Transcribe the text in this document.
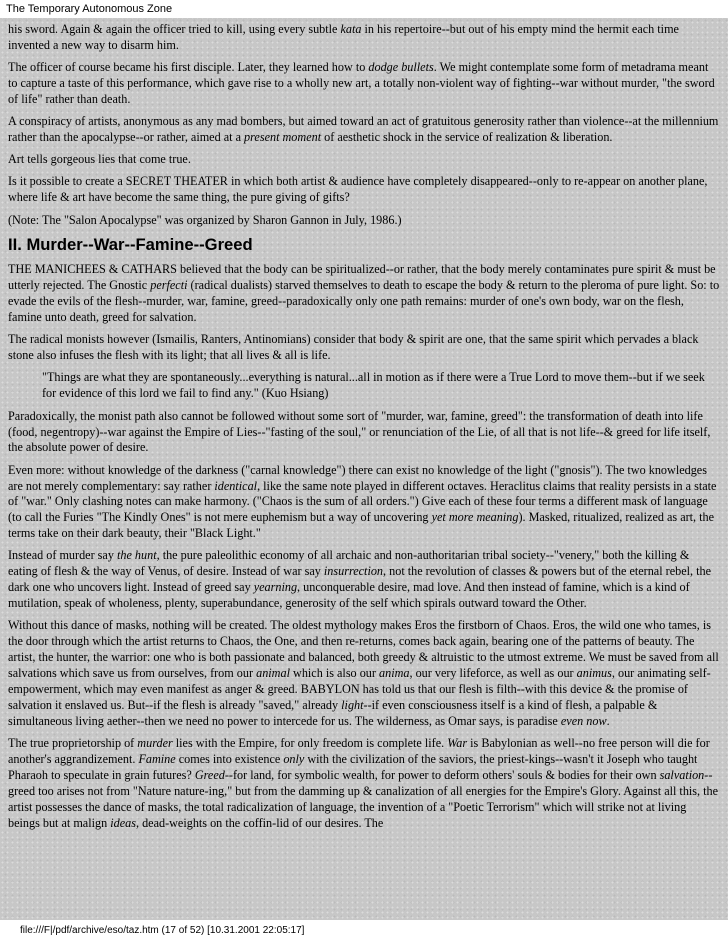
The Temporary Autonomous Zone

his sword. Again & again the officer tried to kill, using every subtle kata in his repertoire--but out of his empty mind the hermit each time invented a new way to disarm him.

The officer of course became his first disciple. Later, they learned how to dodge bullets. We might contemplate some form of metadrama meant to capture a taste of this performance, which gave rise to a wholly new art, a totally non-violent way of fighting--war without murder, "the sword of life" rather than death.

A conspiracy of artists, anonymous as any mad bombers, but aimed toward an act of gratuitous generosity rather than violence--at the millennium rather than the apocalypse--or rather, aimed at a present moment of aesthetic shock in the service of realization & liberation.

Art tells gorgeous lies that come true.

Is it possible to create a SECRET THEATER in which both artist & audience have completely disappeared--only to re-appear on another plane, where life & art have become the same thing, the pure giving of gifts?

(Note: The "Salon Apocalypse" was organized by Sharon Gannon in July, 1986.)

II. Murder--War--Famine--Greed

THE MANICHEES & CATHARS believed that the body can be spiritualized--or rather, that the body merely contaminates pure spirit & must be utterly rejected. The Gnostic perfecti (radical dualists) starved themselves to death to escape the body & return to the pleroma of pure light. So: to evade the evils of the flesh--murder, war, famine, greed--paradoxically only one path remains: murder of one's own body, war on the flesh, famine unto death, greed for salvation.

The radical monists however (Ismailis, Ranters, Antinomians) consider that body & spirit are one, that the same spirit which pervades a black stone also infuses the flesh with its light; that all lives & all is life.

"Things are what they are spontaneously...everything is natural...all in motion as if there were a True Lord to move them--but if we seek for evidence of this lord we fail to find any." (Kuo Hsiang)

Paradoxically, the monist path also cannot be followed without some sort of "murder, war, famine, greed": the transformation of death into life (food, negentropy)--war against the Empire of Lies--"fasting of the soul," or renunciation of the Lie, of all that is not life--& greed for life itself, the absolute power of desire.

Even more: without knowledge of the darkness ("carnal knowledge") there can exist no knowledge of the light ("gnosis"). The two knowledges are not merely complementary: say rather identical, like the same note played in different octaves. Heraclitus claims that reality persists in a state of "war." Only clashing notes can make harmony. ("Chaos is the sum of all orders.") Give each of these four terms a different mask of language (to call the Furies "The Kindly Ones" is not mere euphemism but a way of uncovering yet more meaning). Masked, ritualized, realized as art, the terms take on their dark beauty, their "Black Light."

Instead of murder say the hunt, the pure paleolithic economy of all archaic and non-authoritarian tribal society--"venery," both the killing & eating of flesh & the way of Venus, of desire. Instead of war say insurrection, not the revolution of classes & powers but of the eternal rebel, the dark one who uncovers light. Instead of greed say yearning, unconquerable desire, mad love. And then instead of famine, which is a kind of mutilation, speak of wholeness, plenty, superabundance, generosity of the self which spirals outward toward the Other.

Without this dance of masks, nothing will be created. The oldest mythology makes Eros the firstborn of Chaos. Eros, the wild one who tames, is the door through which the artist returns to Chaos, the One, and then re-returns, comes back again, bearing one of the patterns of beauty. The artist, the hunter, the warrior: one who is both passionate and balanced, both greedy & altruistic to the utmost extreme. We must be saved from all salvations which save us from ourselves, from our animal which is also our anima, our very lifeforce, as well as our animus, our animating self-empowerment, which may even manifest as anger & greed. BABYLON has told us that our flesh is filth--with this device & the promise of salvation it enslaved us. But--if the flesh is already "saved," already light--if even consciousness itself is a kind of flesh, a palpable & simultaneous living aether--then we need no power to intercede for us. The wilderness, as Omar says, is paradise even now.

The true proprietorship of murder lies with the Empire, for only freedom is complete life. War is Babylonian as well--no free person will die for another's aggrandizement. Famine comes into existence only with the civilization of the saviors, the priest-kings--wasn't it Joseph who taught Pharaoh to speculate in grain futures? Greed--for land, for symbolic wealth, for power to deform others' souls & bodies for their own salvation--greed too arises not from "Nature nature-ing," but from the damming up & canalization of all energies for the Empire's Glory. Against all this, the artist possesses the dance of masks, the total radicalization of language, the invention of a "Poetic Terrorism" which will strike not at living beings but at malign ideas, dead-weights on the coffin-lid of our desires. The

file:///F|/pdf/archive/eso/taz.htm (17 of 52) [10.31.2001 22:05:17]
